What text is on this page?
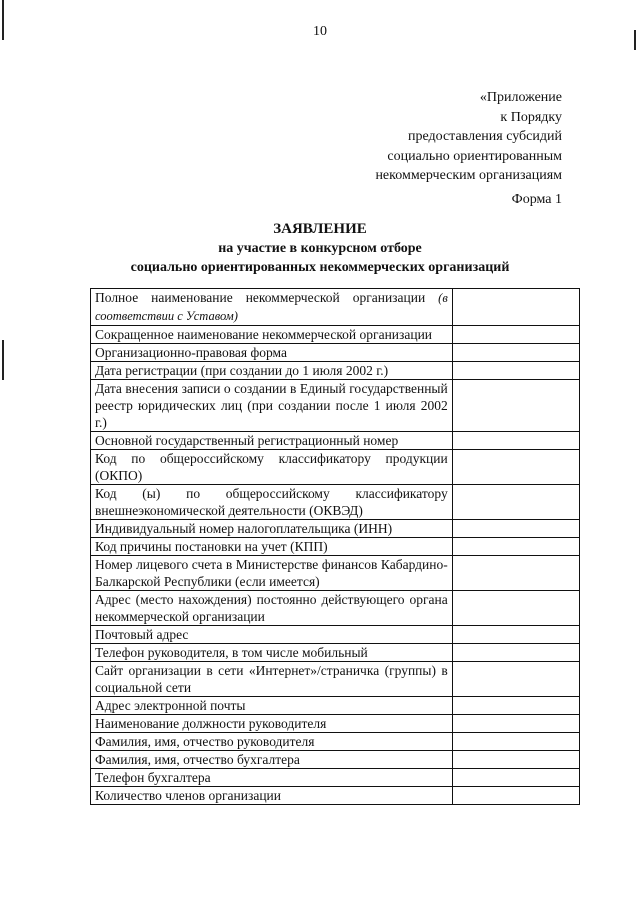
10
«Приложение
к Порядку
предоставления субсидий
социально ориентированным
некоммерческим организациям
Форма 1
ЗАЯВЛЕНИЕ
на участие в конкурсном отборе
социально ориентированных некоммерческих организаций
Полное наименование некоммерческой организации (в соответствии с Уставом)	
Сокращенное наименование некоммерческой организации	
Организационно-правовая форма	
Дата регистрации (при создании до 1 июля 2002 г.)	
Дата внесения записи о создании в Единый государственный реестр юридических лиц (при создании после 1 июля 2002 г.)	
Основной государственный регистрационный номер	
Код по общероссийскому классификатору продукции (ОКПО)	
Код (ы) по общероссийскому классификатору внешнеэкономической деятельности (ОКВЭД)	
Индивидуальный номер налогоплательщика (ИНН)	
Код причины постановки на учет (КПП)	
Номер лицевого счета в Министерстве финансов Кабардино-Балкарской Республики (если имеется)	
Адрес (место нахождения) постоянно действующего органа некоммерческой организации	
Почтовый адрес	
Телефон руководителя, в том числе мобильный	
Сайт организации в сети «Интернет»/страничка (группы) в социальной сети	
Адрес электронной почты	
Наименование должности руководителя	
Фамилия, имя, отчество руководителя	
Фамилия, имя, отчество бухгалтера	
Телефон бухгалтера	
Количество членов организации	
